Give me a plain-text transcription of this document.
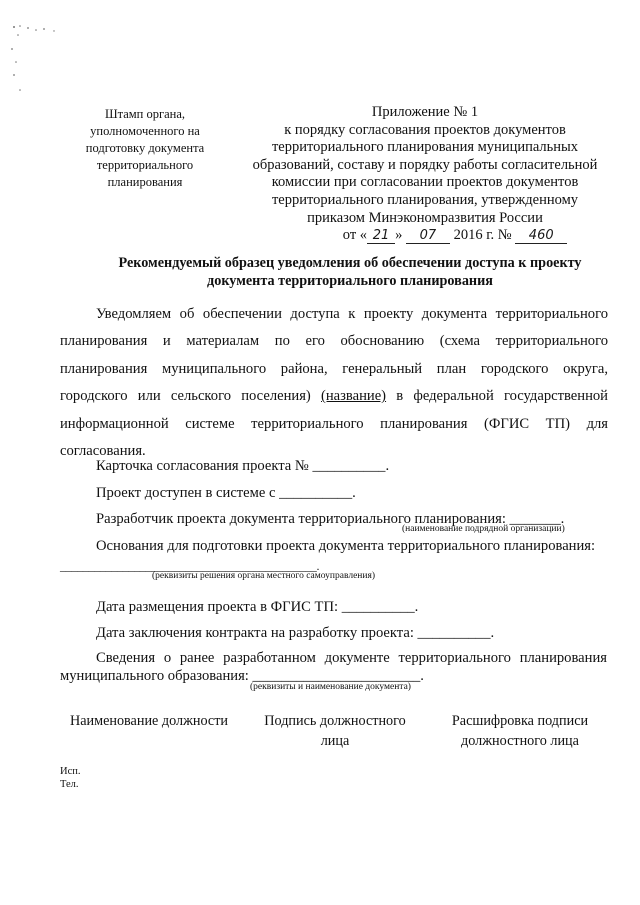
Штамп органа,
уполномоченного на
подготовку документа
территориального
планирования
Приложение № 1
к порядку согласования проектов документов
территориального планирования муниципальных
образований, составу и порядку работы согласительной
комиссии при согласовании проектов документов
территориального планирования, утвержденному
приказом Минэкономразвития России
от « 21 » 07 2016 г. № 460
Рекомендуемый образец уведомления об обеспечении доступа к проекту
документа территориального планирования
Уведомляем об обеспечении доступа к проекту документа территориального планирования и материалам по его обоснованию (схема территориального планирования муниципального района, генеральный план городского округа, городского или сельского поселения) (название) в федеральной государственной информационной системе территориального планирования (ФГИС ТП) для согласования.
Карточка согласования проекта № __________.
Проект доступен в системе с __________.
Разработчик проекта документа территориального планирования: _______.
(наименование подрядной организации)
Основания для подготовки проекта документа территориального планирования:
_____________________________________________.
(реквизиты решения органа местного самоуправления)
Дата размещения проекта в ФГИС ТП: __________.
Дата заключения контракта на разработку проекта: __________.
Сведения о ранее разработанном документе территориального планирования
муниципального образования: _______________________.
(реквизиты и наименование документа)
Наименование должности	Подпись должностного
лица
Расшифровка подписи
должностного лица
Исп.
Тел.
